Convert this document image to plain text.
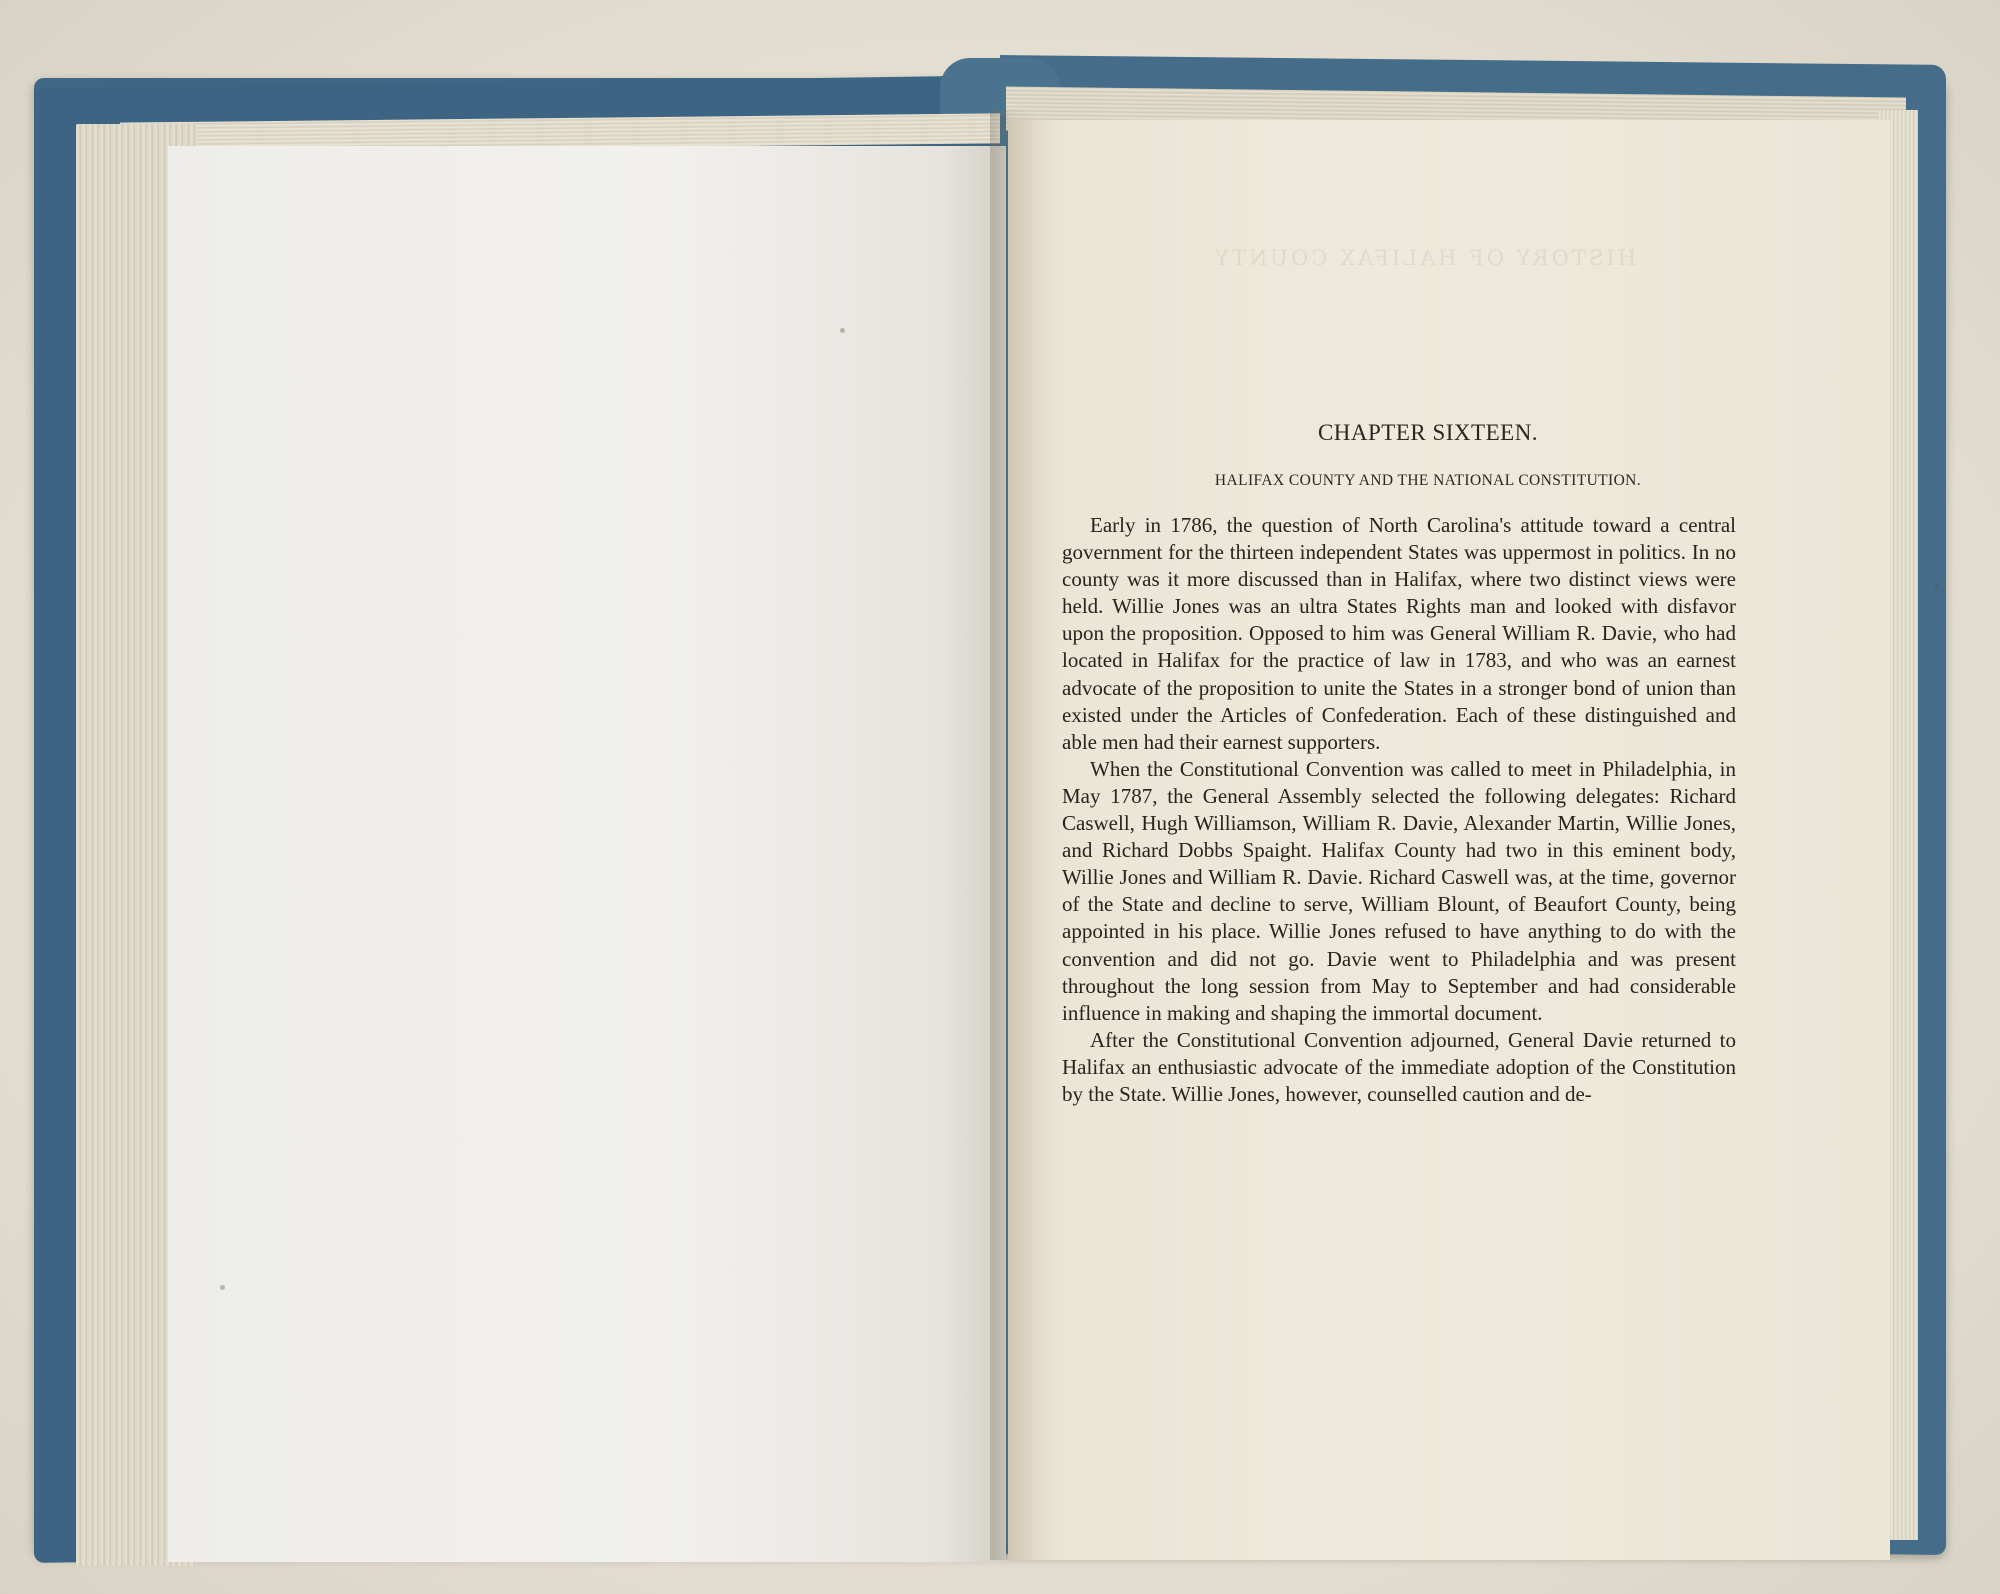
CHAPTER SIXTEEN.
HALIFAX COUNTY AND THE NATIONAL CONSTITUTION.

Early in 1786, the question of North Carolina's attitude toward a central government for the thirteen independent States was uppermost in politics. In no county was it more discussed than in Halifax, where two distinct views were held. Willie Jones was an ultra States Rights man and looked with disfavor upon the proposition. Opposed to him was General William R. Davie, who had located in Halifax for the practice of law in 1783, and who was an earnest advocate of the proposition to unite the States in a stronger bond of union than existed under the Articles of Confederation. Each of these distinguished and able men had their earnest supporters.

When the Constitutional Convention was called to meet in Philadelphia, in May 1787, the General Assembly selected the following delegates: Richard Caswell, Hugh Williamson, William R. Davie, Alexander Martin, Willie Jones, and Richard Dobbs Spaight. Halifax County had two in this eminent body, Willie Jones and William R. Davie. Richard Caswell was, at the time, governor of the State and decline to serve, William Blount, of Beaufort County, being appointed in his place. Willie Jones refused to have anything to do with the convention and did not go. Davie went to Philadelphia and was present throughout the long session from May to September and had considerable influence in making and shaping the immortal document.

After the Constitutional Convention adjourned, General Davie returned to Halifax an enthusiastic advocate of the immediate adoption of the Constitution by the State. Willie Jones, however, counselled caution and de-
